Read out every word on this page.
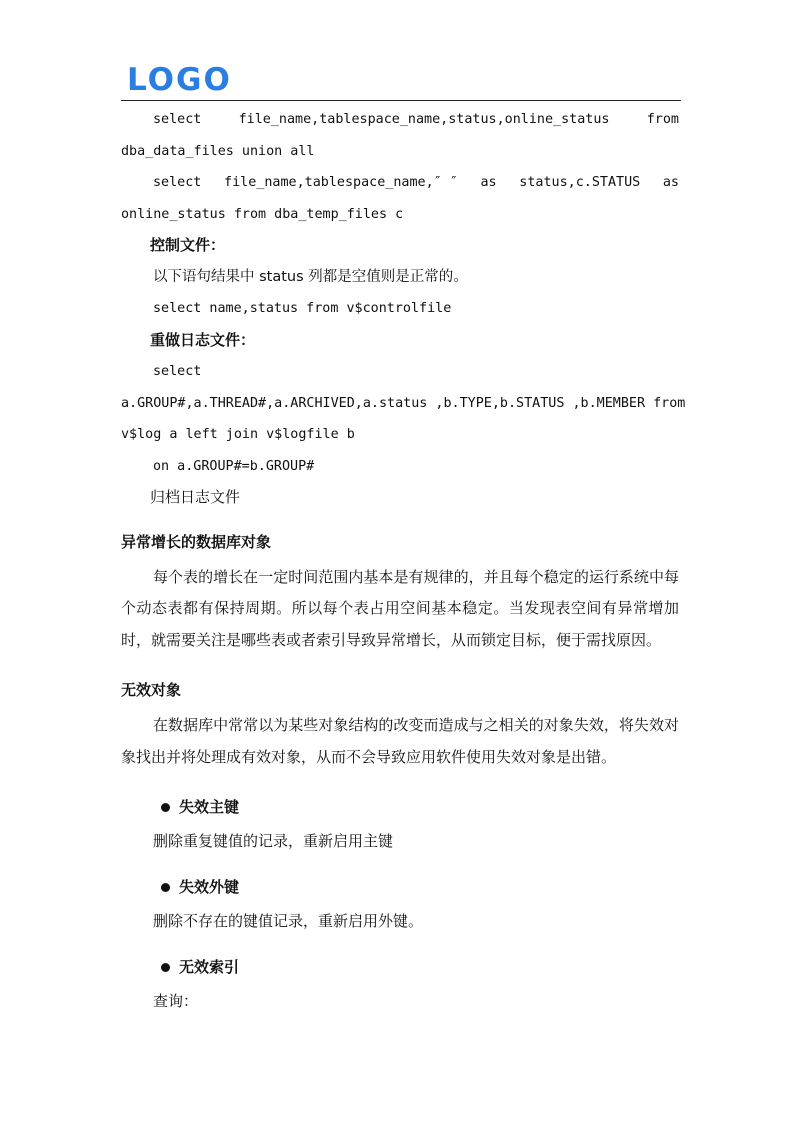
LOGO
select	file_name,tablespace_name,status,online_status	from

dba_data_files union all

select file_name,tablespace_name,″ ″ as status,c.STATUS as

online_status from dba_temp_files c

控制文件：

以下语句结果中 status 列都是空值则是正常的。

select name,status from v$controlfile

重做日志文件：

select

a.GROUP#,a.THREAD#,a.ARCHIVED,a.status ,b.TYPE,b.STATUS ,b.MEMBER from

v$log a left join v$logfile b

on a.GROUP#=b.GROUP#

归档日志文件

异常增长的数据库对象

每个表的增长在一定时间范围内基本是有规律的，并且每个稳定的运行系统中每个动态表都有保持周期。所以每个表占用空间基本稳定。当发现表空间有异常增加时，就需要关注是哪些表或者索引导致异常增长，从而锁定目标，便于需找原因。

无效对象

在数据库中常常以为某些对象结构的改变而造成与之相关的对象失效，将失效对象找出并将处理成有效对象，从而不会导致应用软件使用失效对象是出错。

失效主键

删除重复键值的记录，重新启用主键

失效外键

删除不存在的键值记录，重新启用外键。

无效索引

查询：
